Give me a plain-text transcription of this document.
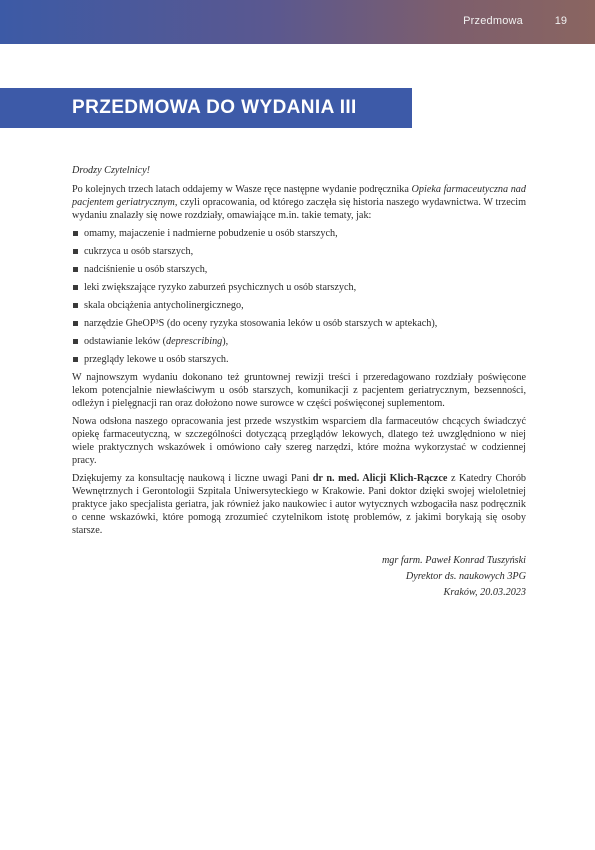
Przedmowa	19
PRZEDMOWA DO WYDANIA III

Drodzy Czytelnicy!

Po kolejnych trzech latach oddajemy w Wasze ręce następne wydanie podręcznika Opieka farmaceutyczna nad pacjentem geriatrycznym, czyli opracowania, od którego zaczęła się historia naszego wydawnictwa. W trzecim wydaniu znalazły się nowe rozdziały, omawiające m.in. takie tematy, jak:

omamy, majaczenie i nadmierne pobudzenie u osób starszych,
cukrzyca u osób starszych,
nadciśnienie u osób starszych,
leki zwiększające ryzyko zaburzeń psychicznych u osób starszych,
skala obciążenia antycholinergicznego,
narzędzie GheOP³S (do oceny ryzyka stosowania leków u osób starszych w aptekach),
odstawianie leków (deprescribing),
przeglądy lekowe u osób starszych.

W najnowszym wydaniu dokonano też gruntownej rewizji treści i przeredagowano rozdziały poświęcone lekom potencjalnie niewłaściwym u osób starszych, komunikacji z pacjentem geriatrycznym, bezsenności, odleżyn i pielęgnacji ran oraz dołożono nowe surowce w części poświęconej suplementom.

Nowa odsłona naszego opracowania jest przede wszystkim wsparciem dla farmaceutów chcących świadczyć opiekę farmaceutyczną, w szczególności dotyczącą przeglądów lekowych, dlatego też uwzględniono w niej wiele praktycznych wskazówek i omówiono cały szereg narzędzi, które można wykorzystać w codziennej pracy.

Dziękujemy za konsultację naukową i liczne uwagi Pani dr n. med. Alicji Klich-Rączce z Katedry Chorób Wewnętrznych i Gerontologii Szpitala Uniwersyteckiego w Krakowie. Pani doktor dzięki swojej wieloletniej praktyce jako specjalista geriatra, jak również jako naukowiec i autor wytycznych wzbogaciła nasz podręcznik o cenne wskazówki, które pomogą zrozumieć czytelnikom istotę problemów, z jakimi borykają się osoby starsze.

mgr farm. Paweł Konrad Tuszyński
Dyrektor ds. naukowych 3PG
Kraków, 20.03.2023
